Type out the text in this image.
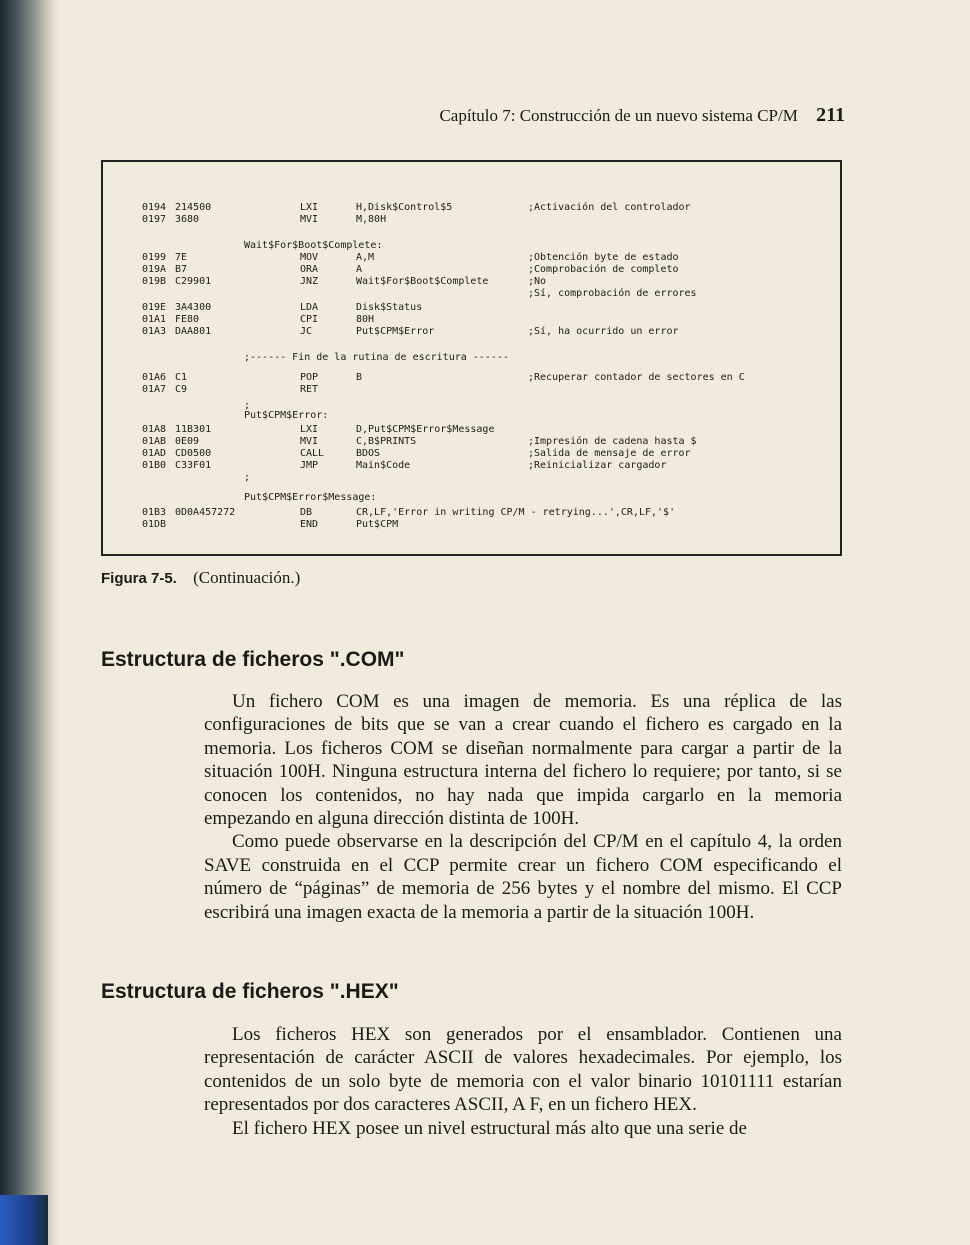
Capítulo 7: Construcción de un nuevo sistema CP/M 211
0194 214500	LXI	H,Disk$Control$5	;Activación del controlador
0197 3680	MVI	M,80H
Wait$For$Boot$Complete:
0199 7E	MOV	A,M	;Obtención byte de estado
019A B7	ORA	A	;Comprobación de completo
019B C29901	JNZ	Wait$For$Boot$Complete	;No
;Sí, comprobación de errores
019E 3A4300	LDA	Disk$Status
01A1 FE80	CPI	80H
01A3 DAA801	JC	Put$CPM$Error	;Sí, ha ocurrido un error
;------ Fin de la rutina de escritura ------
01A6 C1	POP	B	;Recuperar contador de sectores en C
01A7 C9	RET
;
Put$CPM$Error:
01A8 11B301	LXI	D,Put$CPM$Error$Message
01AB 0E09	MVI	C,B$PRINTS	;Impresión de cadena hasta $
01AD CD0500	CALL	BDOS	;Salida de mensaje de error
01B0 C33F01	JMP	Main$Code	;Reinicializar cargador
;
Put$CPM$Error$Message:
01B3 0D0A457272	DB	CR,LF,'Error in writing CP/M - retrying...',CR,LF,'$'
01DB	END	Put$CPM
Figura 7-5. (Continuación.)
Estructura de ficheros ".COM"

Un fichero COM es una imagen de memoria. Es una réplica de las configuraciones de bits que se van a crear cuando el fichero es cargado en la memoria. Los ficheros COM se diseñan normalmente para cargar a partir de la situación 100H. Ninguna estructura interna del fichero lo requiere; por tanto, si se conocen los contenidos, no hay nada que impida cargarlo en la memoria empezando en alguna dirección distinta de 100H.

Como puede observarse en la descripción del CP/M en el capítulo 4, la orden SAVE construida en el CCP permite crear un fichero COM especificando el número de “páginas” de memoria de 256 bytes y el nombre del mismo. El CCP escribirá una imagen exacta de la memoria a partir de la situación 100H.

Estructura de ficheros ".HEX"

Los ficheros HEX son generados por el ensamblador. Contienen una representación de carácter ASCII de valores hexadecimales. Por ejemplo, los contenidos de un solo byte de memoria con el valor binario 10101111 estarían representados por dos caracteres ASCII, A F, en un fichero HEX.

El fichero HEX posee un nivel estructural más alto que una serie de
